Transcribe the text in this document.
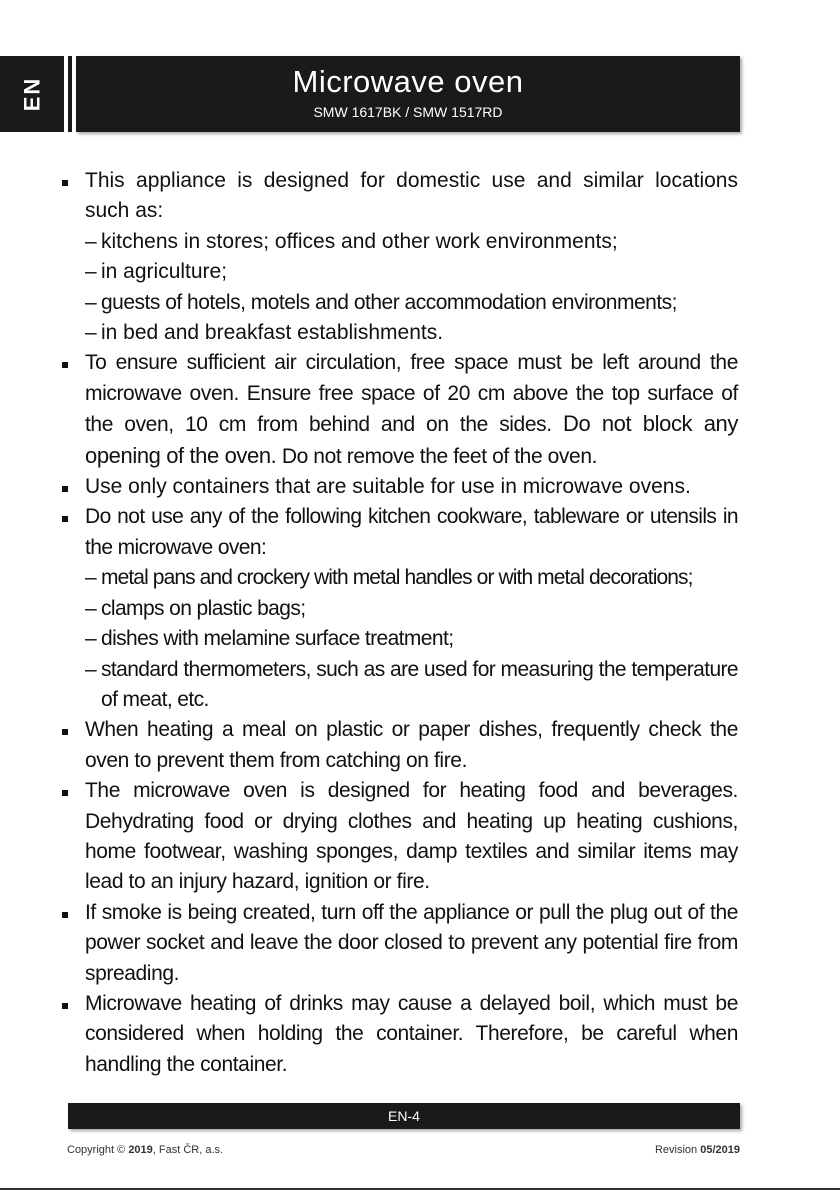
EN	Microwave oven
SMW 1617BK / SMW 1517RD
This appliance is designed for domestic use and similar locations such as:
– kitchens in stores; offices and other work environments;
– in agriculture;
– guests of hotels, motels and other accommodation environments;
– in bed and breakfast establishments.
To ensure sufficient air circulation, free space must be left around the microwave oven. Ensure free space of 20 cm above the top surface of the oven, 10 cm from behind and on the sides. Do not block any opening of the oven. Do not remove the feet of the oven.
Use only containers that are suitable for use in microwave ovens.
Do not use any of the following kitchen cookware, tableware or utensils in the microwave oven:
– metal pans and crockery with metal handles or with metal decorations;
– clamps on plastic bags;
– dishes with melamine surface treatment;
– standard thermometers, such as are used for measuring the temperature of meat, etc.
When heating a meal on plastic or paper dishes, frequently check the oven to prevent them from catching on fire.
The microwave oven is designed for heating food and beverages. Dehydrating food or drying clothes and heating up heating cushions, home footwear, washing sponges, damp textiles and similar items may lead to an injury hazard, ignition or fire.
If smoke is being created, turn off the appliance or pull the plug out of the power socket and leave the door closed to prevent any potential fire from spreading.
Microwave heating of drinks may cause a delayed boil, which must be considered when holding the container. Therefore, be careful when handling the container.
EN-4
Copyright © 2019, Fast ČR, a.s.	Revision 05/2019
